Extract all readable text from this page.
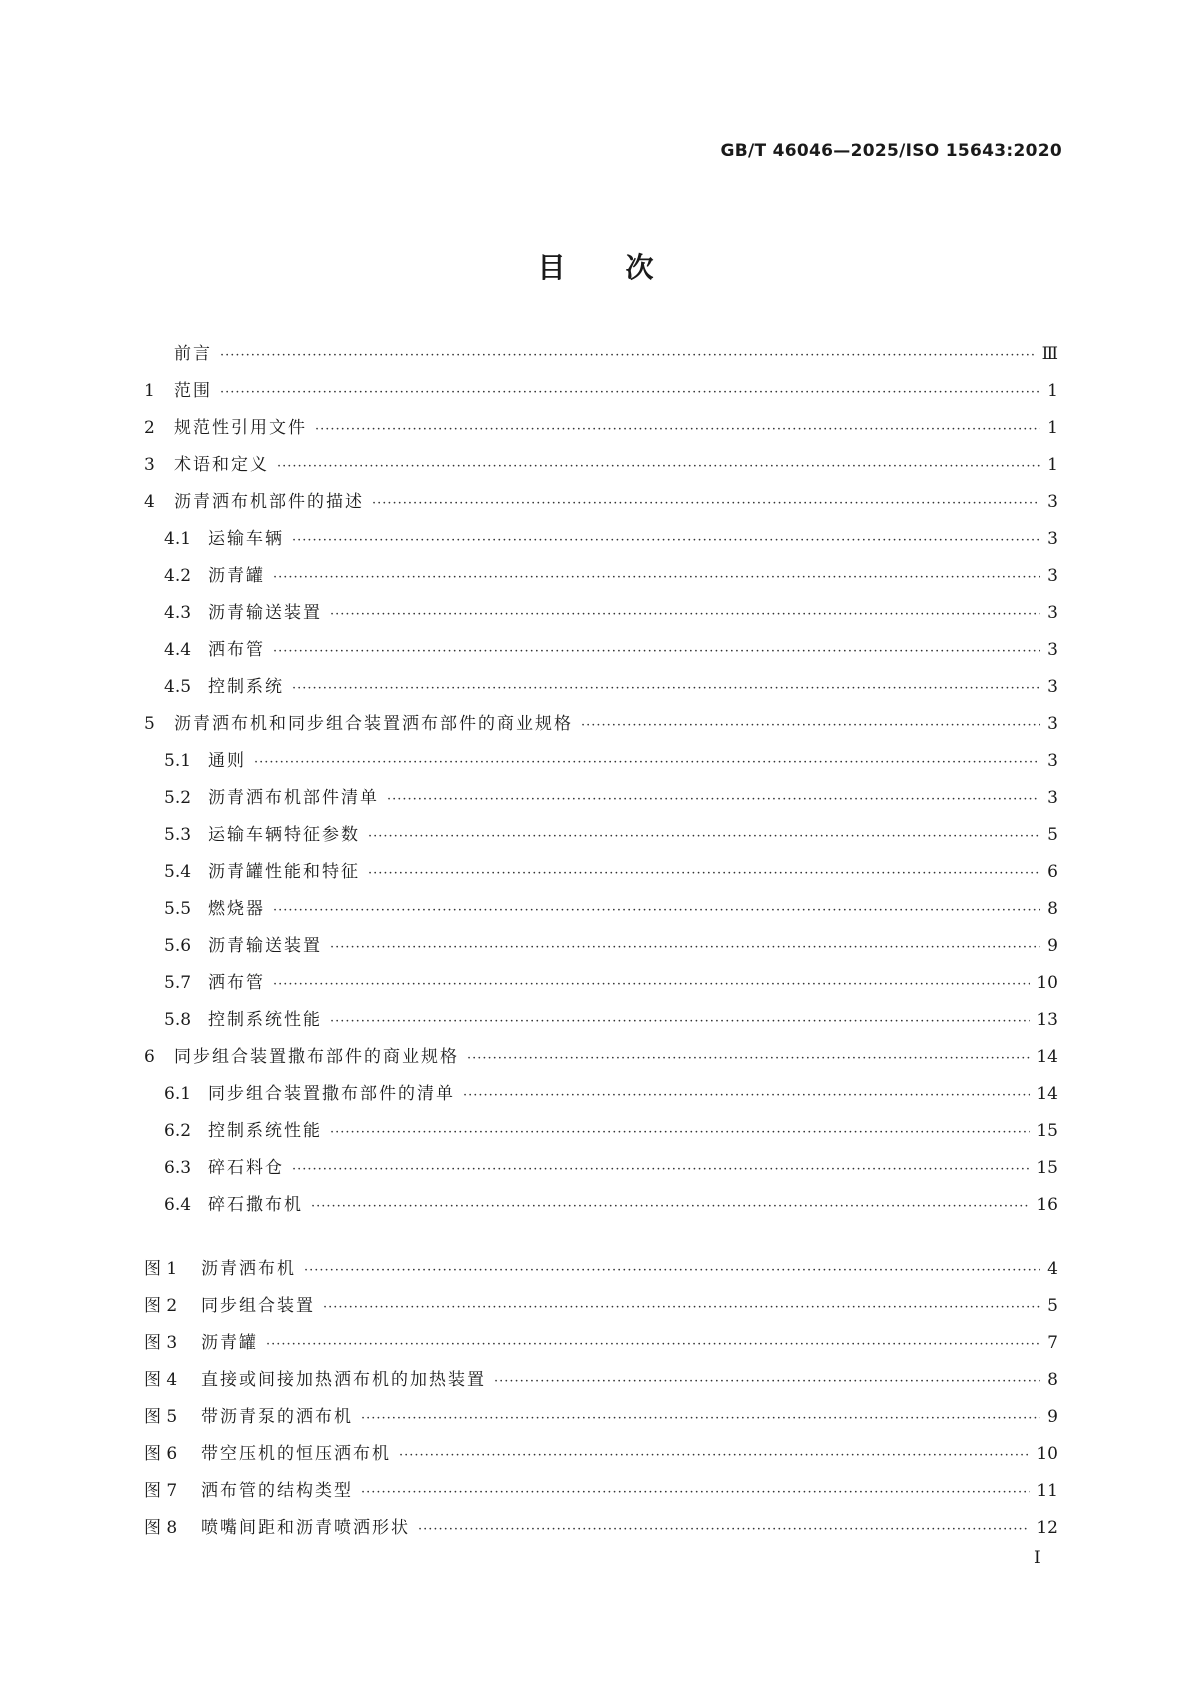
GB/T 46046—2025/ISO 15643:2020
目次
前言 ·····	Ⅲ
1	范围 ·····	1
2	规范性引用文件 ·····	1
3	术语和定义 ·····	1
4	沥青洒布机部件的描述 ·····	3
4.1 运输车辆 ·····	3
4.2 沥青罐 ·····	3
4.3 沥青输送装置 ·····	3
4.4 洒布管 ·····	3
4.5 控制系统 ·····	3
5	沥青洒布机和同步组合装置洒布部件的商业规格 ·····	3
5.1 通则 ·····	3
5.2 沥青洒布机部件清单 ·····	3
5.3 运输车辆特征参数 ·····	5
5.4 沥青罐性能和特征 ·····	6
5.5 燃烧器 ·····	8
5.6 沥青输送装置 ·····	9
5.7 洒布管 ·····	10
5.8 控制系统性能 ·····	13
6	同步组合装置撒布部件的商业规格 ·····	14
6.1 同步组合装置撒布部件的清单 ·····	14
6.2 控制系统性能 ·····	15
6.3 碎石料仓 ·····	15
6.4 碎石撒布机 ·····	16
图 1	沥青洒布机 ·····	4
图 2	同步组合装置 ·····	5
图 3	沥青罐 ·····	7
图 4	直接或间接加热洒布机的加热装置 ·····	8
图 5	带沥青泵的洒布机 ·····	9
图 6	带空压机的恒压洒布机 ·····	10
图 7	洒布管的结构类型 ·····	11
图 8	喷嘴间距和沥青喷洒形状 ·····	12
I
